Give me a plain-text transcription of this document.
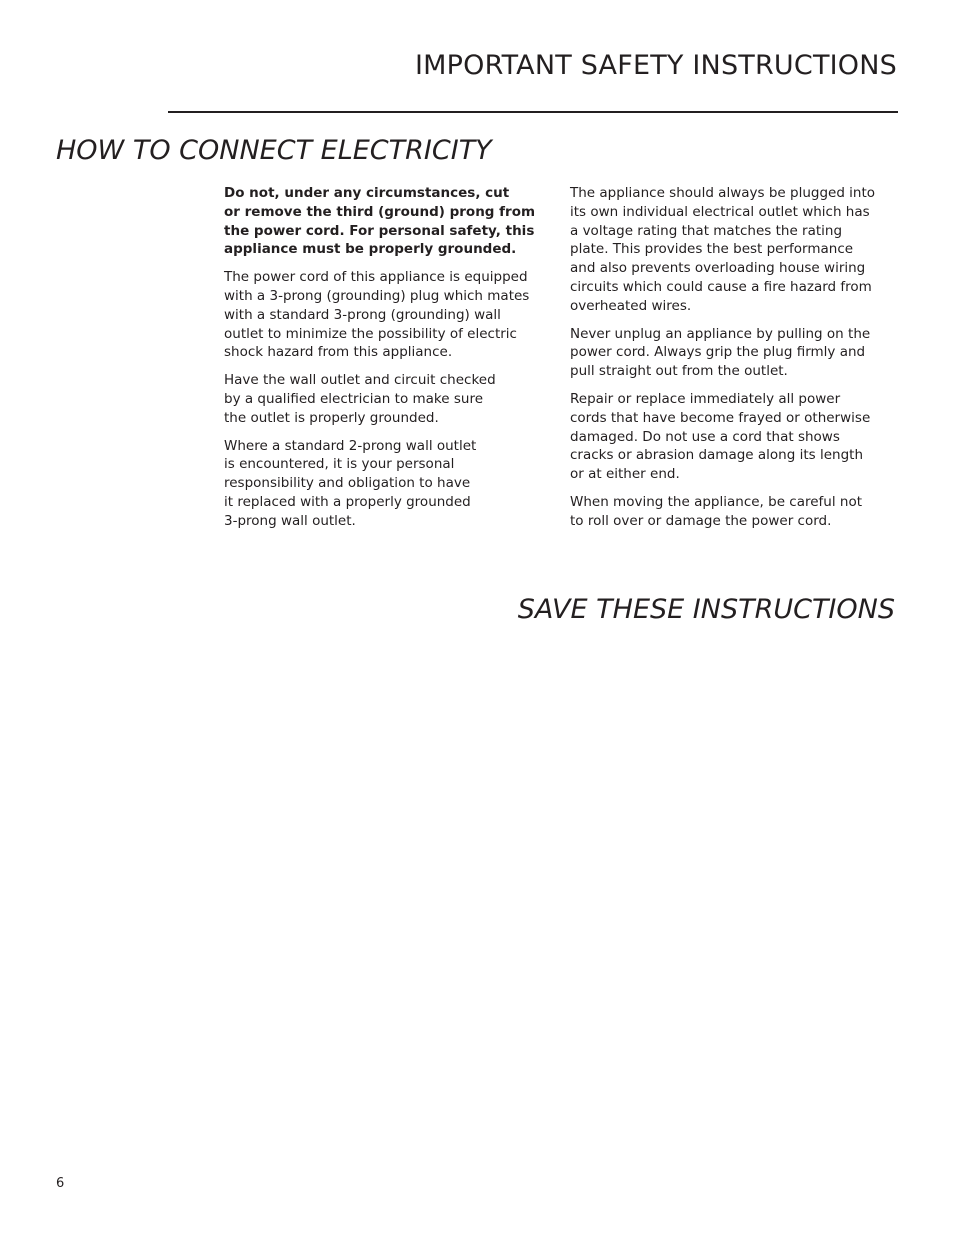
IMPORTANT SAFETY INSTRUCTIONS
HOW TO CONNECT ELECTRICITY

Do not, under any circumstances, cut
or remove the third (ground) prong from
the power cord. For personal safety, this
appliance must be properly grounded.

The power cord of this appliance is equipped
with a 3-prong (grounding) plug which mates
with a standard 3-prong (grounding) wall
outlet to minimize the possibility of electric
shock hazard from this appliance.

Have the wall outlet and circuit checked
by a qualified electrician to make sure
the outlet is properly grounded.

Where a standard 2-prong wall outlet
is encountered, it is your personal
responsibility and obligation to have
it replaced with a properly grounded
3-prong wall outlet.

The appliance should always be plugged into
its own individual electrical outlet which has
a voltage rating that matches the rating
plate. This provides the best performance
and also prevents overloading house wiring
circuits which could cause a fire hazard from
overheated wires.

Never unplug an appliance by pulling on the
power cord. Always grip the plug firmly and
pull straight out from the outlet.

Repair or replace immediately all power
cords that have become frayed or otherwise
damaged. Do not use a cord that shows
cracks or abrasion damage along its length
or at either end.

When moving the appliance, be careful not
to roll over or damage the power cord.

SAVE THESE INSTRUCTIONS
6
